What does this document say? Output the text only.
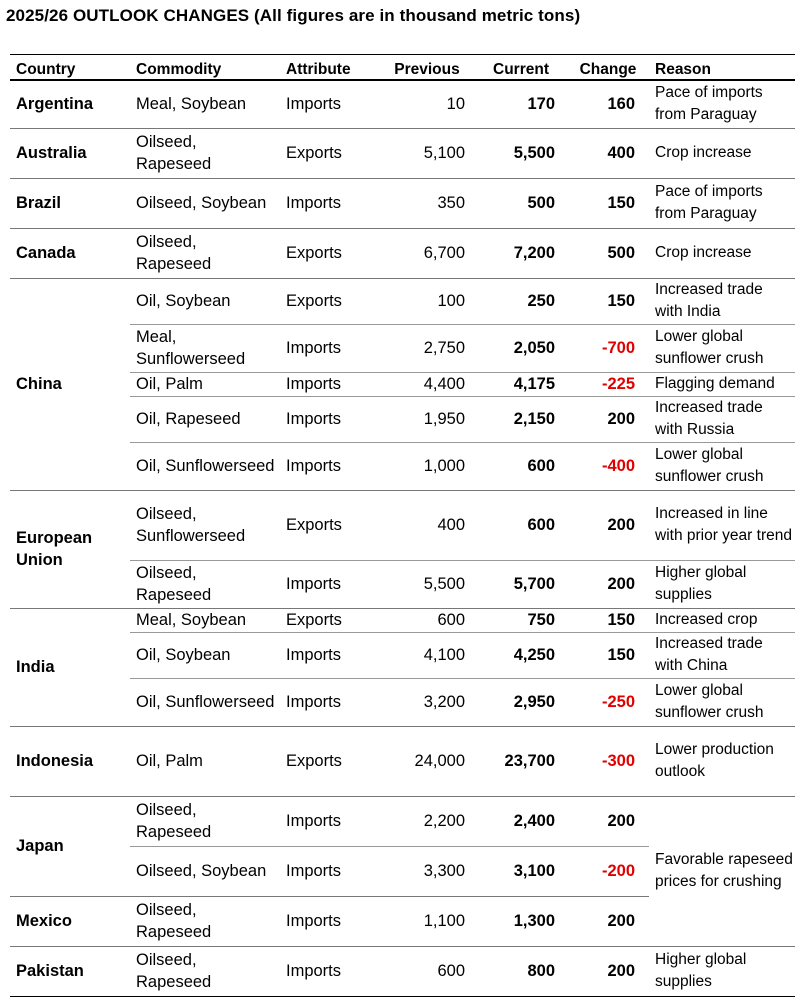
2025/26 OUTLOOK CHANGES (All figures are in thousand metric tons)
Country	Commodity	Attribute	Previous	Current	Change	Reason
Argentina	Meal, Soybean	Imports	10	170	160	Pace of imports from Paraguay
Australia	Oilseed, Rapeseed	Exports	5,100	5,500	400	Crop increase
Brazil	Oilseed, Soybean	Imports	350	500	150	Pace of imports from Paraguay
Canada	Oilseed, Rapeseed	Exports	6,700	7,200	500	Crop increase
China	Oil, Soybean	Exports	100	250	150	Increased trade with India
	Meal, Sunflowerseed	Imports	2,750	2,050	-700	Lower global sunflower crush
	Oil, Palm	Imports	4,400	4,175	-225	Flagging demand
	Oil, Rapeseed	Imports	1,950	2,150	200	Increased trade with Russia
	Oil, Sunflowerseed	Imports	1,000	600	-400	Lower global sunflower crush
European Union	Oilseed, Sunflowerseed	Exports	400	600	200	Increased in line with prior year trend
	Oilseed, Rapeseed	Imports	5,500	5,700	200	Higher global supplies
India	Meal, Soybean	Exports	600	750	150	Increased crop
	Oil, Soybean	Imports	4,100	4,250	150	Increased trade with China
	Oil, Sunflowerseed	Imports	3,200	2,950	-250	Lower global sunflower crush
Indonesia	Oil, Palm	Exports	24,000	23,700	-300	Lower production outlook
Japan	Oilseed, Rapeseed	Imports	2,200	2,400	200	Favorable rapeseed prices for crushing
	Oilseed, Soybean	Imports	3,300	3,100	-200	
Mexico	Oilseed, Rapeseed	Imports	1,100	1,300	200	
Pakistan	Oilseed, Rapeseed	Imports	600	800	200	Higher global supplies
